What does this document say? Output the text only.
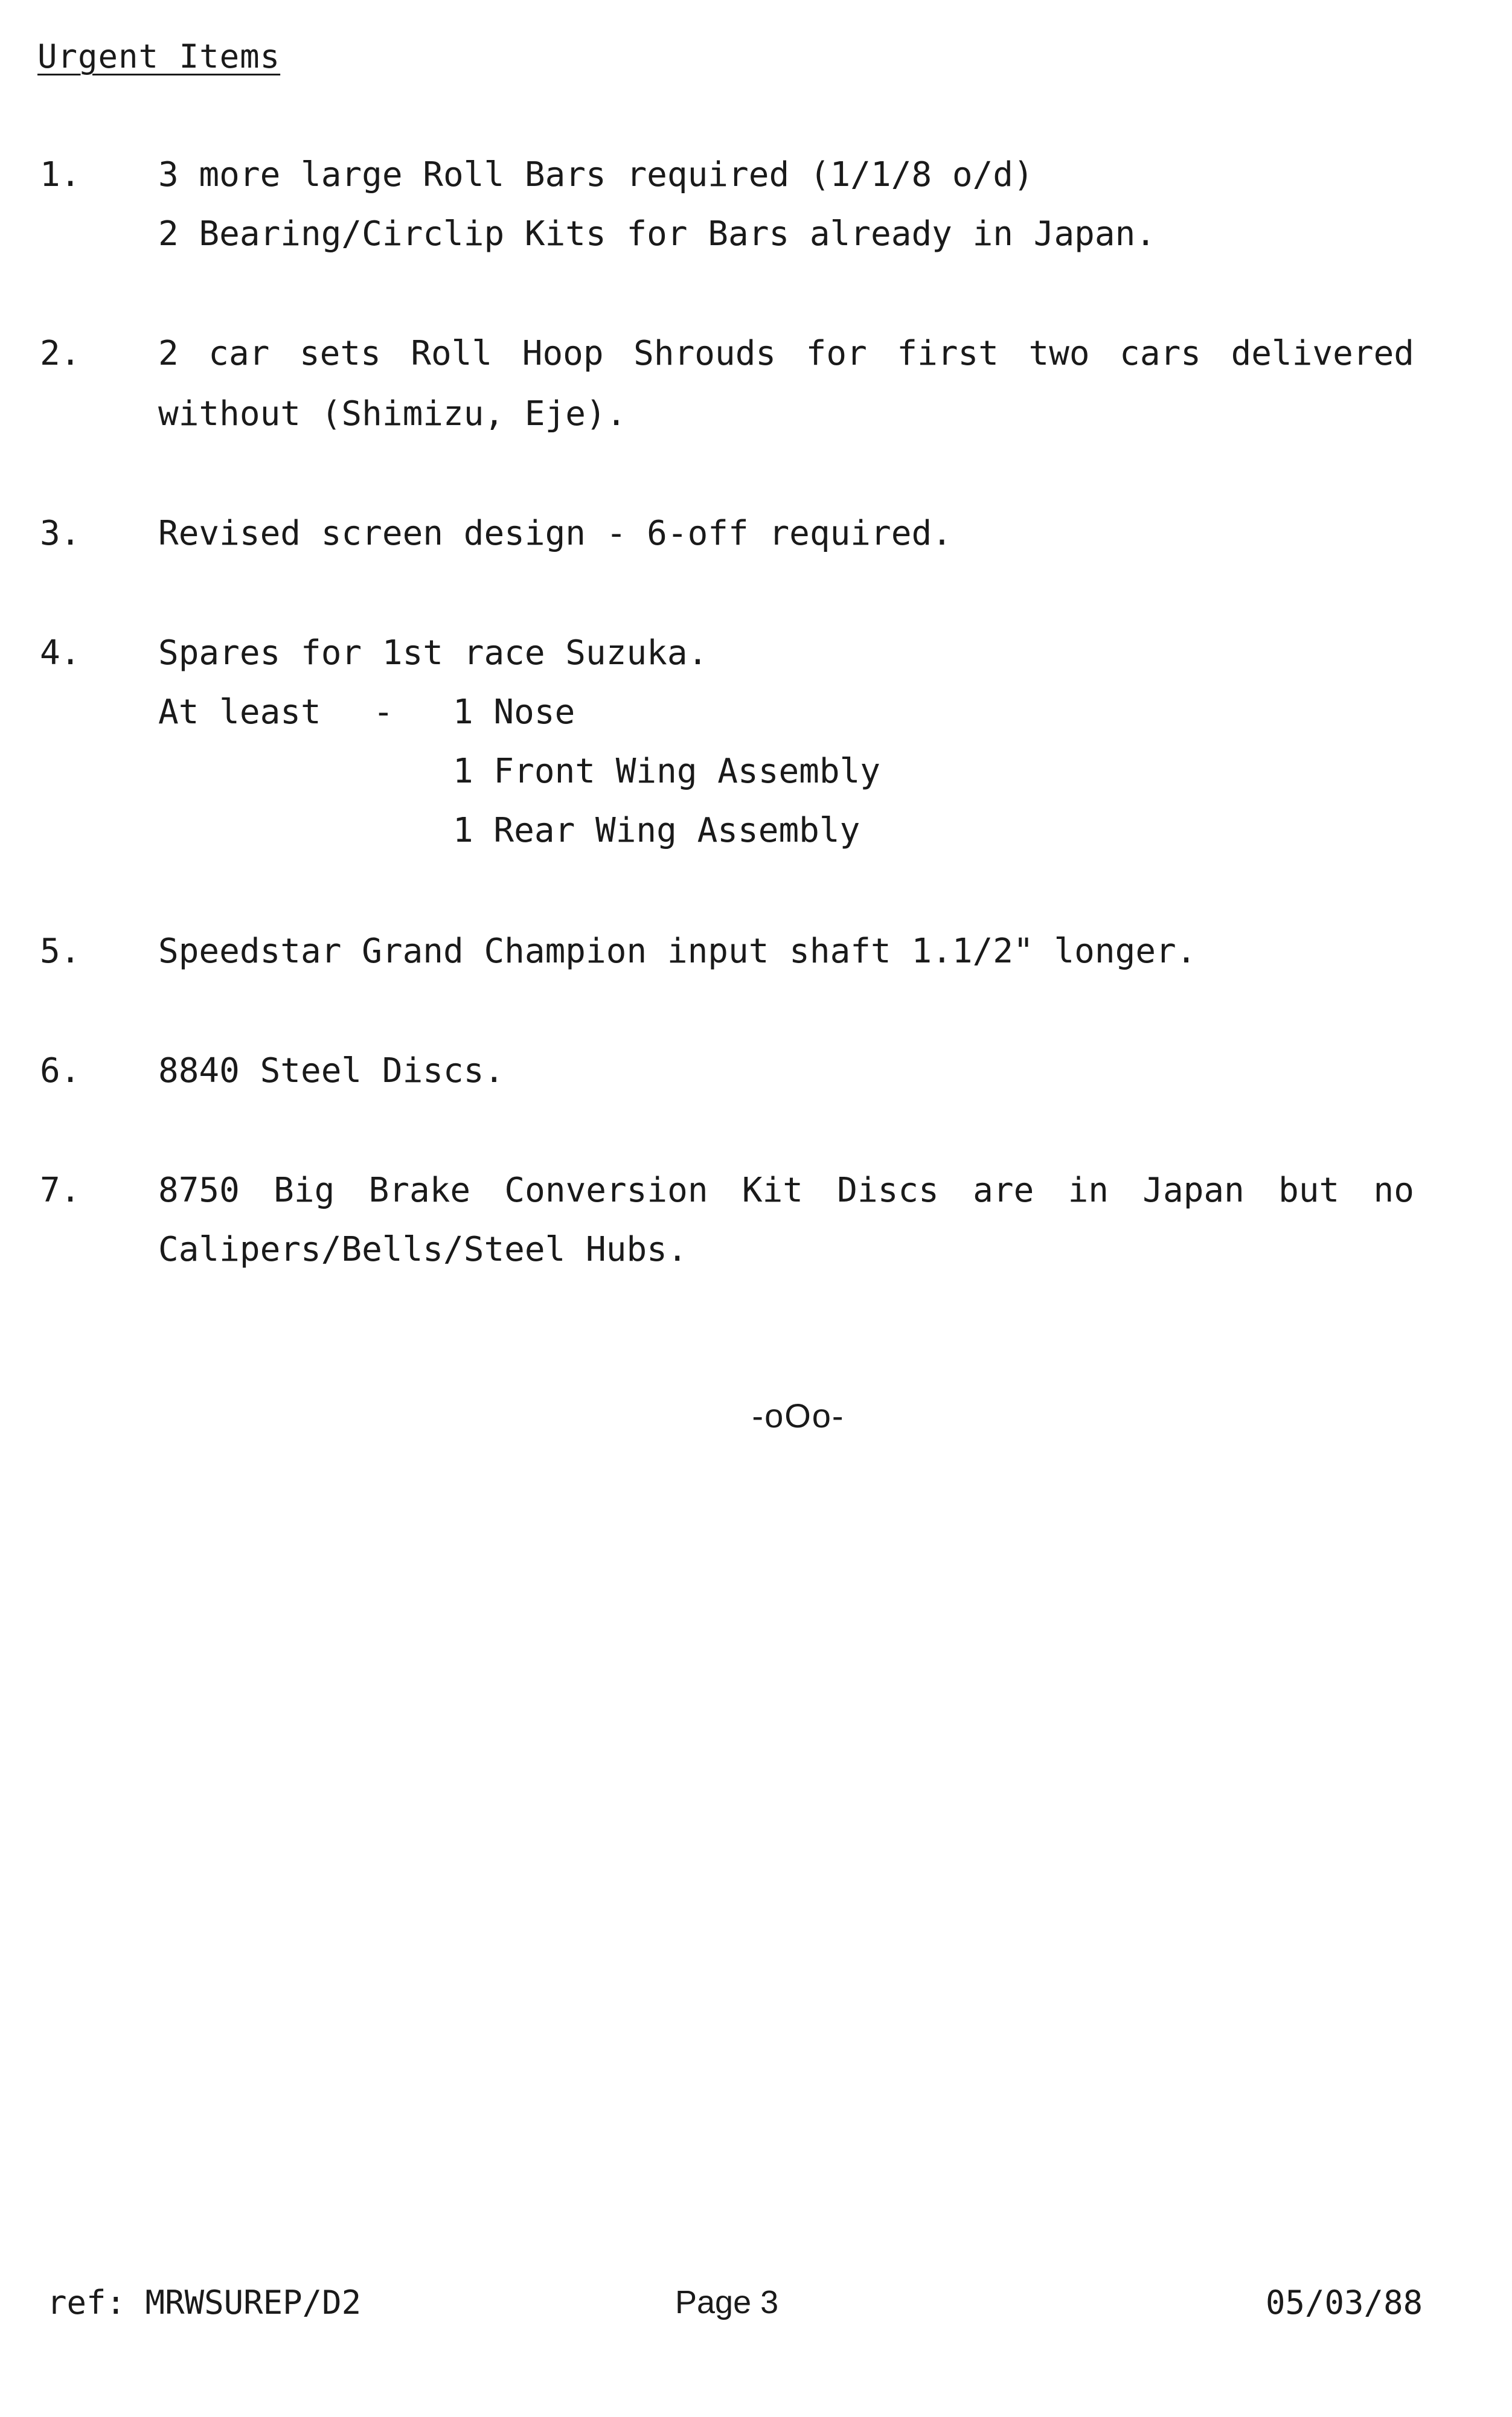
Urgent Items
1. 3 more large Roll Bars required (1/1/8 o/d)
2 Bearing/Circlip Kits for Bars already in Japan.
2. 2 car sets Roll Hoop Shrouds for first two cars delivered
without (Shimizu, Eje).
3. Revised screen design - 6-off required.
4. Spares for 1st race Suzuka.
At least - 1 Nose
1 Front Wing Assembly
1 Rear Wing Assembly
5. Speedstar Grand Champion input shaft 1.1/2" longer.
6. 8840 Steel Discs.
7. 8750 Big Brake Conversion Kit Discs are in Japan but no
Calipers/Bells/Steel Hubs.
-oOo-
ref: MRWSUREP/D2	Page 3	05/03/88
